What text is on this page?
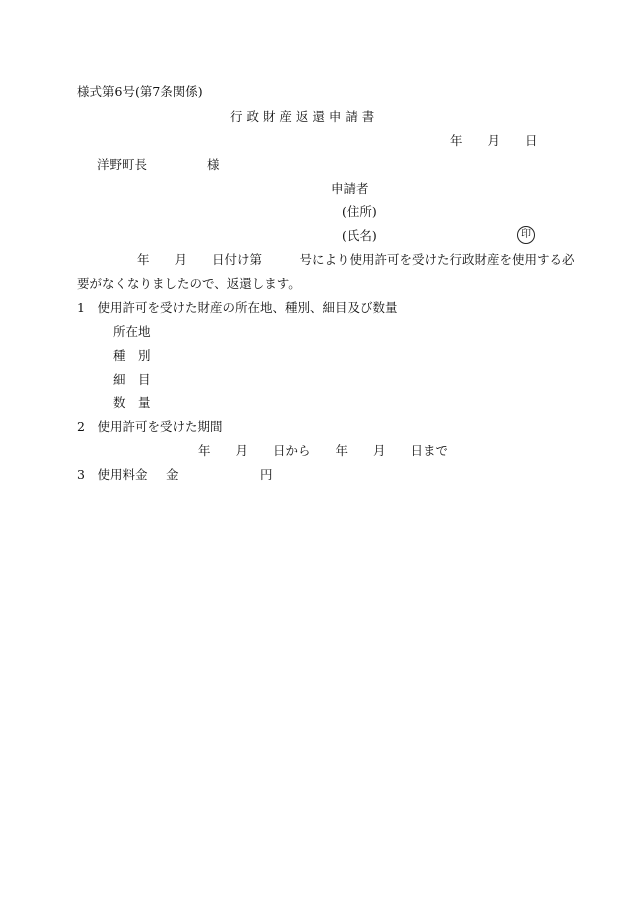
様式第6号(第7条関係)
行 政 財 産 返 還 申 請 書
年　　月　　日
洋野町長	様
申請者
(住所)
(氏名)	印
年　　月　　日付け第　　　号により使用許可を受けた行政財産を使用する必
要がなくなりましたので、返還します。
1　使用許可を受けた財産の所在地、種別、細目及び数量
所在地
種　別
細　目
数　量
2　使用許可を受けた期間
年　　月　　日から　　年　　月　　日まで
3　使用料金 金	円
